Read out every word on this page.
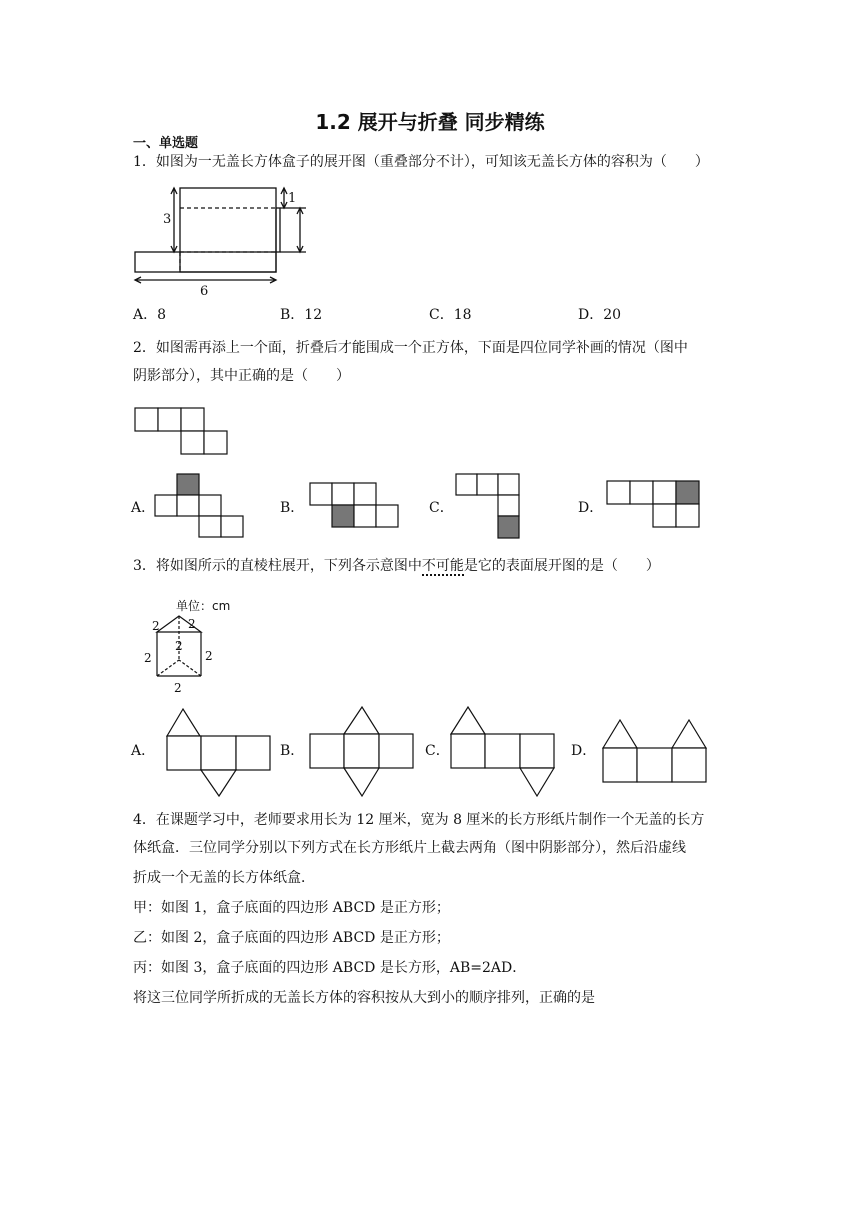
1.2 展开与折叠 同步精练
一、单选题
1．如图为一无盖长方体盒子的展开图（重叠部分不计），可知该无盖长方体的容积为（　　）
3
1
6
A．8	B．12	C．18	D．20
2．如图需再添上一个面，折叠后才能围成一个正方体，下面是四位同学补画的情况（图中
阴影部分），其中正确的是（　　）
A．	B．	C．	D．
3．将如图所示的直棱柱展开，下列各示意图中不可能是它的表面展开图的是（　　）
单位：cm
2 2
2
2	2
2
A．	B．	C．	D．
4．在课题学习中，老师要求用长为 12 厘米，宽为 8 厘米的长方形纸片制作一个无盖的长方
体纸盒．三位同学分别以下列方式在长方形纸片上截去两角（图中阴影部分），然后沿虚线
折成一个无盖的长方体纸盒．
甲：如图 1，盒子底面的四边形 ABCD 是正方形；
乙：如图 2，盒子底面的四边形 ABCD 是正方形；
丙：如图 3，盒子底面的四边形 ABCD 是长方形，AB=2AD．
将这三位同学所折成的无盖长方体的容积按从大到小的顺序排列，正确的是
